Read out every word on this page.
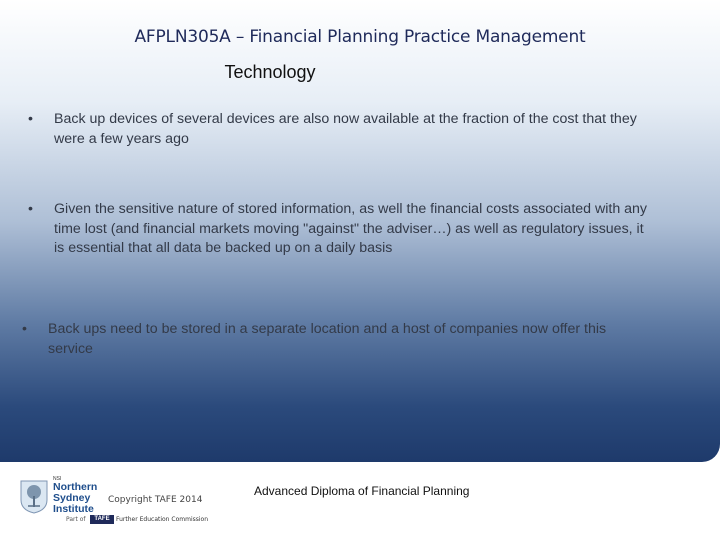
AFPLN305A – Financial Planning Practice Management
Technology
• Back up devices of several devices are also now available at the fraction of the cost that they were a few years ago
• Given the sensitive nature of stored information, as well the financial costs associated with any time lost (and financial markets moving "against" the adviser…) as well as regulatory issues, it is essential that all data be backed up on a daily basis
• Back ups need to be stored in a separate location and a host of companies now offer this service
NSI
Northern
Sydney
Institute
Part of	TAFE	Further Education Commission
Copyright TAFE 2014
Advanced Diploma of Financial Planning
